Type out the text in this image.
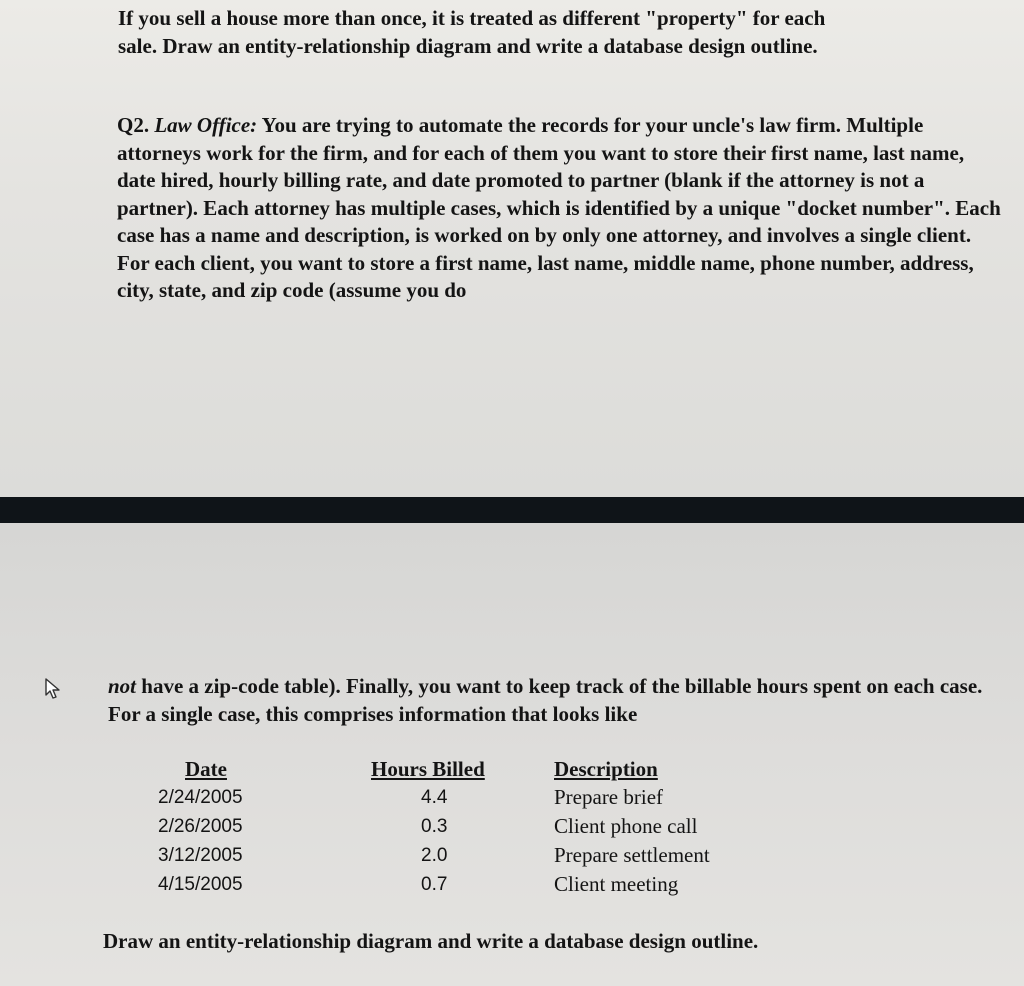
If you sell a house more than once, it is treated as different "property" for each
sale. Draw an entity-relationship diagram and write a database design outline.

Q2. Law Office: You are trying to automate the records for your uncle's law firm. Multiple attorneys work for the firm, and for each of them you want to store their first name, last name, date hired, hourly billing rate, and date promoted to partner (blank if the attorney is not a partner). Each attorney has multiple cases, which is identified by a unique "docket number". Each case has a name and description, is worked on by only one attorney, and involves a single client. For each client, you want to store a first name, last name, middle name, phone number, address, city, state, and zip code (assume you do

not have a zip-code table). Finally, you want to keep track of the billable hours spent on each case. For a single case, this comprises information that looks like

Date
2/24/2005
2/26/2005
3/12/2005
4/15/2005
Hours Billed
4.4
0.3
2.0
0.7
Description
Prepare brief
Client phone call
Prepare settlement
Client meeting

Draw an entity-relationship diagram and write a database design outline.
